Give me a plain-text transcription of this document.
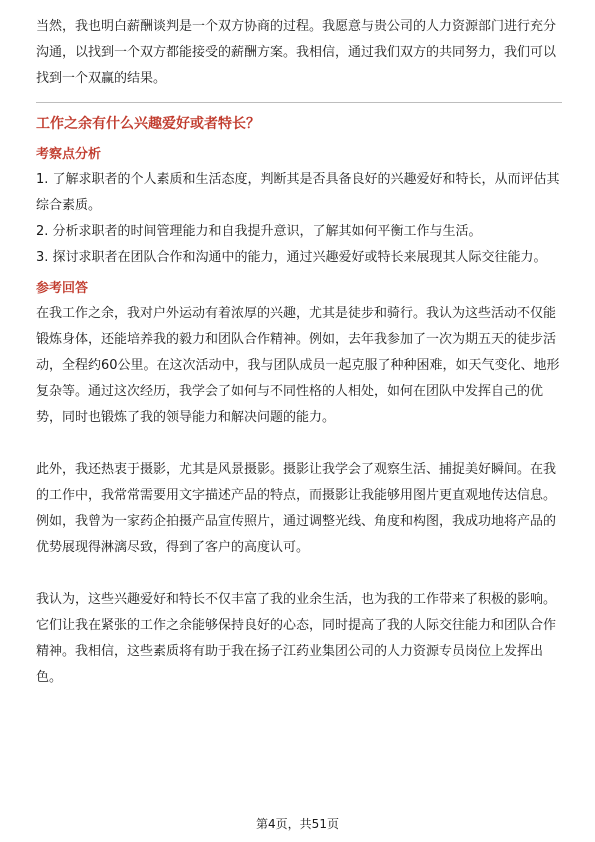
当然，我也明白薪酬谈判是一个双方协商的过程。我愿意与贵公司的人力资源部门进行充分沟通，以找到一个双方都能接受的薪酬方案。我相信，通过我们双方的共同努力，我们可以找到一个双赢的结果。

工作之余有什么兴趣爱好或者特长？

考察点分析

1. 了解求职者的个人素质和生活态度，判断其是否具备良好的兴趣爱好和特长，从而评估其综合素质。

2. 分析求职者的时间管理能力和自我提升意识，了解其如何平衡工作与生活。

3. 探讨求职者在团队合作和沟通中的能力，通过兴趣爱好或特长来展现其人际交往能力。

参考回答

在我工作之余，我对户外运动有着浓厚的兴趣，尤其是徒步和骑行。我认为这些活动不仅能锻炼身体，还能培养我的毅力和团队合作精神。例如，去年我参加了一次为期五天的徒步活动，全程约60公里。在这次活动中，我与团队成员一起克服了种种困难，如天气变化、地形复杂等。通过这次经历，我学会了如何与不同性格的人相处，如何在团队中发挥自己的优势，同时也锻炼了我的领导能力和解决问题的能力。

此外，我还热衷于摄影，尤其是风景摄影。摄影让我学会了观察生活、捕捉美好瞬间。在我的工作中，我常常需要用文字描述产品的特点，而摄影让我能够用图片更直观地传达信息。例如，我曾为一家药企拍摄产品宣传照片，通过调整光线、角度和构图，我成功地将产品的优势展现得淋漓尽致，得到了客户的高度认可。

我认为，这些兴趣爱好和特长不仅丰富了我的业余生活，也为我的工作带来了积极的影响。它们让我在紧张的工作之余能够保持良好的心态，同时提高了我的人际交往能力和团队合作精神。我相信，这些素质将有助于我在扬子江药业集团公司的人力资源专员岗位上发挥出色。

第4页，共51页
